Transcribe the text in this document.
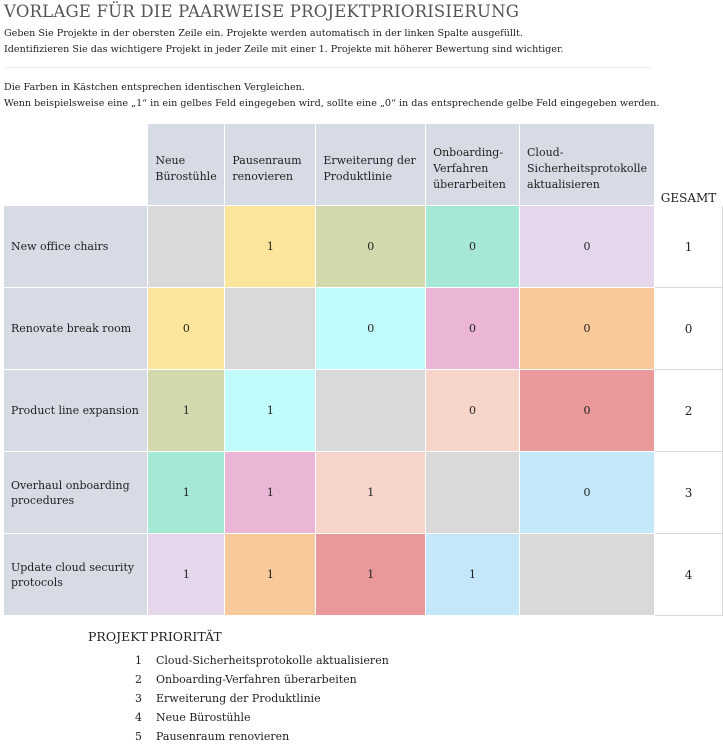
VORLAGE FÜR DIE PAARWEISE PROJEKTPRIORISIERUNG
Geben Sie Projekte in der obersten Zeile ein. Projekte werden automatisch in der linken Spalte ausgefüllt.
Identifizieren Sie das wichtigere Projekt in jeder Zeile mit einer 1. Projekte mit höherer Bewertung sind wichtiger.
Die Farben in Kästchen entsprechen identischen Vergleichen.
Wenn beispielsweise eine „1“ in ein gelbes Feld eingegeben wird, sollte eine „0“ in das entsprechende gelbe Feld eingegeben werden.
	Neue Bürostühle	Pausenraum renovieren	Erweiterung der Produktlinie	Onboarding-Verfahren überarbeiten	Cloud-Sicherheitsprotokolle aktualisieren	GESAMT
New office chairs		1	0	0	0	1
Renovate break room	0		0	0	0	0
Product line expansion	1	1		0	0	2
Overhaul onboarding procedures	1	1	1		0	3
Update cloud security protocols	1	1	1	1		4
PROJEKT PRIORITÄT
1 Cloud-Sicherheitsprotokolle aktualisieren
2 Onboarding-Verfahren überarbeiten
3 Erweiterung der Produktlinie
4 Neue Bürostühle
5 Pausenraum renovieren
